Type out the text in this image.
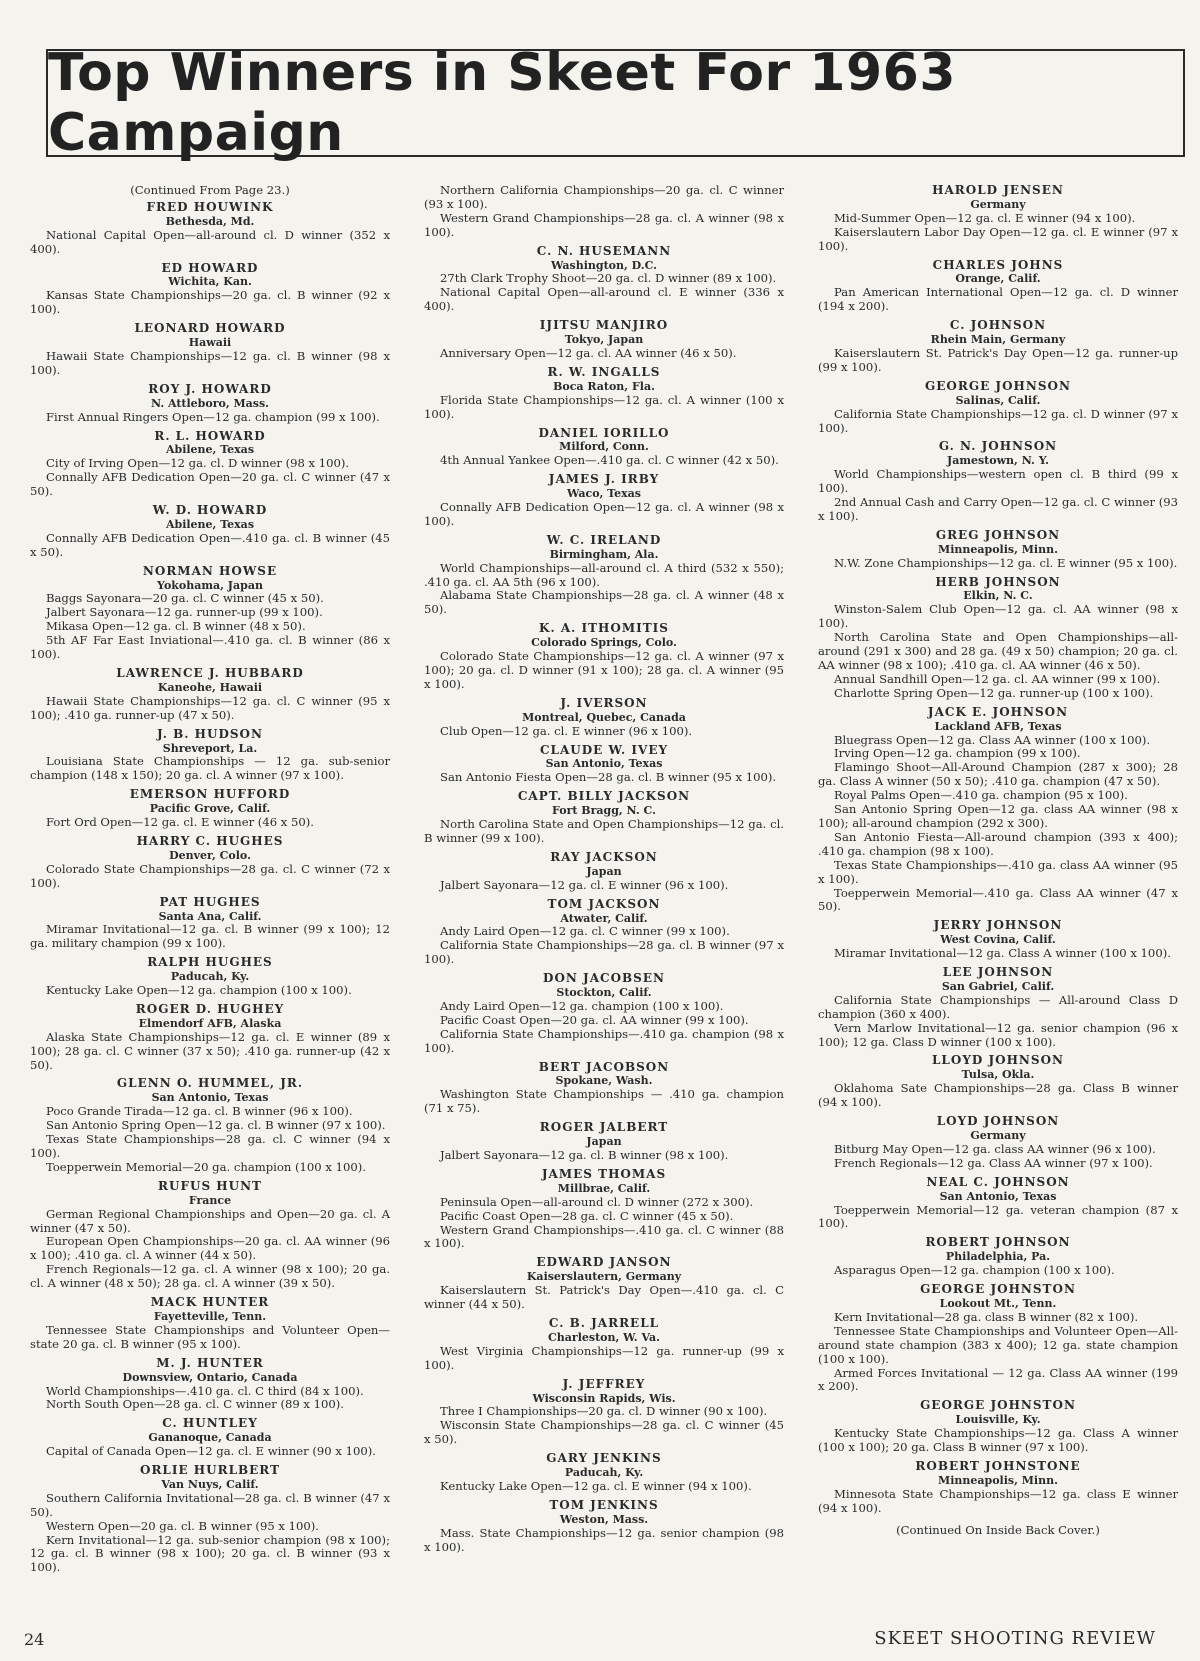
Top Winners in Skeet For 1963 Campaign
(Continued From Page 23.)
FRED HOUWINK
Bethesda, Md.
National Capital Open—all-around cl. D winner (352 x 400).
ED HOWARD
Wichita, Kan.
Kansas State Championships—20 ga. cl. B winner (92 x 100).
LEONARD HOWARD
Hawaii
Hawaii State Championships—12 ga. cl. B winner (98 x 100).
ROY J. HOWARD
N. Attleboro, Mass.
First Annual Ringers Open—12 ga. champion (99 x 100).
R. L. HOWARD
Abilene, Texas
City of Irving Open—12 ga. cl. D winner (98 x 100).
Connally AFB Dedication Open—20 ga. cl. C winner (47 x 50).
W. D. HOWARD
Abilene, Texas
Connally AFB Dedication Open—.410 ga. cl. B winner (45 x 50).
NORMAN HOWSE
Yokohama, Japan
Baggs Sayonara—20 ga. cl. C winner (45 x 50).
Jalbert Sayonara—12 ga. runner-up (99 x 100).
Mikasa Open—12 ga. cl. B winner (48 x 50).
5th AF Far East Inviational—.410 ga. cl. B winner (86 x 100).
LAWRENCE J. HUBBARD
Kaneohe, Hawaii
Hawaii State Championships—12 ga. cl. C winner (95 x 100); .410 ga. runner-up (47 x 50).
J. B. HUDSON
Shreveport, La.
Louisiana State Championships — 12 ga. sub-senior champion (148 x 150); 20 ga. cl. A winner (97 x 100).
EMERSON HUFFORD
Pacific Grove, Calif.
Fort Ord Open—12 ga. cl. E winner (46 x 50).
HARRY C. HUGHES
Denver, Colo.
Colorado State Championships—28 ga. cl. C winner (72 x 100).
PAT HUGHES
Santa Ana, Calif.
Miramar Invitational—12 ga. cl. B winner (99 x 100); 12 ga. military champion (99 x 100).
RALPH HUGHES
Paducah, Ky.
Kentucky Lake Open—12 ga. champion (100 x 100).
ROGER D. HUGHEY
Elmendorf AFB, Alaska
Alaska State Championships—12 ga. cl. E winner (89 x 100); 28 ga. cl. C winner (37 x 50); .410 ga. runner-up (42 x 50).
GLENN O. HUMMEL, JR.
San Antonio, Texas
Poco Grande Tirada—12 ga. cl. B winner (96 x 100).
San Antonio Spring Open—12 ga. cl. B winner (97 x 100).
Texas State Championships—28 ga. cl. C winner (94 x 100).
Toepperwein Memorial—20 ga. champion (100 x 100).
RUFUS HUNT
France
German Regional Championships and Open—20 ga. cl. A winner (47 x 50).
European Open Championships—20 ga. cl. AA winner (96 x 100); .410 ga. cl. A winner (44 x 50).
French Regionals—12 ga. cl. A winner (98 x 100); 20 ga. cl. A winner (48 x 50); 28 ga. cl. A winner (39 x 50).
MACK HUNTER
Fayetteville, Tenn.
Tennessee State Championships and Volunteer Open—state 20 ga. cl. B winner (95 x 100).
M. J. HUNTER
Downsview, Ontario, Canada
World Championships—.410 ga. cl. C third (84 x 100).
North South Open—28 ga. cl. C winner (89 x 100).
C. HUNTLEY
Gananoque, Canada
Capital of Canada Open—12 ga. cl. E winner (90 x 100).
ORLIE HURLBERT
Van Nuys, Calif.
Southern California Invitational—28 ga. cl. B winner (47 x 50).
Western Open—20 ga. cl. B winner (95 x 100).
Kern Invitational—12 ga. sub-senior champion (98 x 100); 12 ga. cl. B winner (98 x 100); 20 ga. cl. B winner (93 x 100).
Northern California Championships—20 ga. cl. C winner (93 x 100).
Western Grand Championships—28 ga. cl. A winner (98 x 100).
C. N. HUSEMANN
Washington, D.C.
27th Clark Trophy Shoot—20 ga. cl. D winner (89 x 100).
National Capital Open—all-around cl. E winner (336 x 400).
IJITSU MANJIRO
Tokyo, Japan
Anniversary Open—12 ga. cl. AA winner (46 x 50).
R. W. INGALLS
Boca Raton, Fla.
Florida State Championships—12 ga. cl. A winner (100 x 100).
DANIEL IORILLO
Milford, Conn.
4th Annual Yankee Open—.410 ga. cl. C winner (42 x 50).
JAMES J. IRBY
Waco, Texas
Connally AFB Dedication Open—12 ga. cl. A winner (98 x 100).
W. C. IRELAND
Birmingham, Ala.
World Championships—all-around cl. A third (532 x 550); .410 ga. cl. AA 5th (96 x 100).
Alabama State Championships—28 ga. cl. A winner (48 x 50).
K. A. ITHOMITIS
Colorado Springs, Colo.
Colorado State Championships—12 ga. cl. A winner (97 x 100); 20 ga. cl. D winner (91 x 100); 28 ga. cl. A winner (95 x 100).
J. IVERSON
Montreal, Quebec, Canada
Club Open—12 ga. cl. E winner (96 x 100).
CLAUDE W. IVEY
San Antonio, Texas
San Antonio Fiesta Open—28 ga. cl. B winner (95 x 100).
CAPT. BILLY JACKSON
Fort Bragg, N. C.
North Carolina State and Open Championships—12 ga. cl. B winner (99 x 100).
RAY JACKSON
Japan
Jalbert Sayonara—12 ga. cl. E winner (96 x 100).
TOM JACKSON
Atwater, Calif.
Andy Laird Open—12 ga. cl. C winner (99 x 100).
California State Championships—28 ga. cl. B winner (97 x 100).
DON JACOBSEN
Stockton, Calif.
Andy Laird Open—12 ga. champion (100 x 100).
Pacific Coast Open—20 ga. cl. AA winner (99 x 100).
California State Championships—.410 ga. champion (98 x 100).
BERT JACOBSON
Spokane, Wash.
Washington State Championships — .410 ga. champion (71 x 75).
ROGER JALBERT
Japan
Jalbert Sayonara—12 ga. cl. B winner (98 x 100).
JAMES THOMAS
Millbrae, Calif.
Peninsula Open—all-around cl. D winner (272 x 300).
Pacific Coast Open—28 ga. cl. C winner (45 x 50).
Western Grand Championships—.410 ga. cl. C winner (88 x 100).
EDWARD JANSON
Kaiserslautern, Germany
Kaiserslautern St. Patrick's Day Open—.410 ga. cl. C winner (44 x 50).
C. B. JARRELL
Charleston, W. Va.
West Virginia Championships—12 ga. runner-up (99 x 100).
J. JEFFREY
Wisconsin Rapids, Wis.
Three I Championships—20 ga. cl. D winner (90 x 100).
Wisconsin State Championships—28 ga. cl. C winner (45 x 50).
GARY JENKINS
Paducah, Ky.
Kentucky Lake Open—12 ga. cl. E winner (94 x 100).
TOM JENKINS
Weston, Mass.
Mass. State Championships—12 ga. senior champion (98 x 100).
HAROLD JENSEN
Germany
Mid-Summer Open—12 ga. cl. E winner (94 x 100).
Kaiserslautern Labor Day Open—12 ga. cl. E winner (97 x 100).
CHARLES JOHNS
Orange, Calif.
Pan American International Open—12 ga. cl. D winner (194 x 200).
C. JOHNSON
Rhein Main, Germany
Kaiserslautern St. Patrick's Day Open—12 ga. runner-up (99 x 100).
GEORGE JOHNSON
Salinas, Calif.
California State Championships—12 ga. cl. D winner (97 x 100).
G. N. JOHNSON
Jamestown, N. Y.
World Championships—western open cl. B third (99 x 100).
2nd Annual Cash and Carry Open—12 ga. cl. C winner (93 x 100).
GREG JOHNSON
Minneapolis, Minn.
N.W. Zone Championships—12 ga. cl. E winner (95 x 100).
HERB JOHNSON
Elkin, N. C.
Winston-Salem Club Open—12 ga. cl. AA winner (98 x 100).
North Carolina State and Open Championships—all-around (291 x 300) and 28 ga. (49 x 50) champion; 20 ga. cl. AA winner (98 x 100); .410 ga. cl. AA winner (46 x 50).
Annual Sandhill Open—12 ga. cl. AA winner (99 x 100).
Charlotte Spring Open—12 ga. runner-up (100 x 100).
JACK E. JOHNSON
Lackland AFB, Texas
Bluegrass Open—12 ga. Class AA winner (100 x 100).
Irving Open—12 ga. champion (99 x 100).
Flamingo Shoot—All-Around Champion (287 x 300); 28 ga. Class A winner (50 x 50); .410 ga. champion (47 x 50).
Royal Palms Open—.410 ga. champion (95 x 100).
San Antonio Spring Open—12 ga. class AA winner (98 x 100); all-around champion (292 x 300).
San Antonio Fiesta—All-around champion (393 x 400); .410 ga. champion (98 x 100).
Texas State Championships—.410 ga. class AA winner (95 x 100).
Toepperwein Memorial—.410 ga. Class AA winner (47 x 50).
JERRY JOHNSON
West Covina, Calif.
Miramar Invitational—12 ga. Class A winner (100 x 100).
LEE JOHNSON
San Gabriel, Calif.
California State Championships — All-around Class D champion (360 x 400).
Vern Marlow Invitational—12 ga. senior champion (96 x 100); 12 ga. Class D winner (100 x 100).
LLOYD JOHNSON
Tulsa, Okla.
Oklahoma Sate Championships—28 ga. Class B winner (94 x 100).
LOYD JOHNSON
Germany
Bitburg May Open—12 ga. class AA winner (96 x 100).
French Regionals—12 ga. Class AA winner (97 x 100).
NEAL C. JOHNSON
San Antonio, Texas
Toepperwein Memorial—12 ga. veteran champion (87 x 100).
ROBERT JOHNSON
Philadelphia, Pa.
Asparagus Open—12 ga. champion (100 x 100).
GEORGE JOHNSTON
Lookout Mt., Tenn.
Kern Invitational—28 ga. class B winner (82 x 100).
Tennessee State Championships and Volunteer Open—All-around state champion (383 x 400); 12 ga. state champion (100 x 100).
Armed Forces Invitational — 12 ga. Class AA winner (199 x 200).
GEORGE JOHNSTON
Louisville, Ky.
Kentucky State Championships—12 ga. Class A winner (100 x 100); 20 ga. Class B winner (97 x 100).
ROBERT JOHNSTONE
Minneapolis, Minn.
Minnesota State Championships—12 ga. class E winner (94 x 100).
(Continued On Inside Back Cover.)
24	SKEET SHOOTING REVIEW
